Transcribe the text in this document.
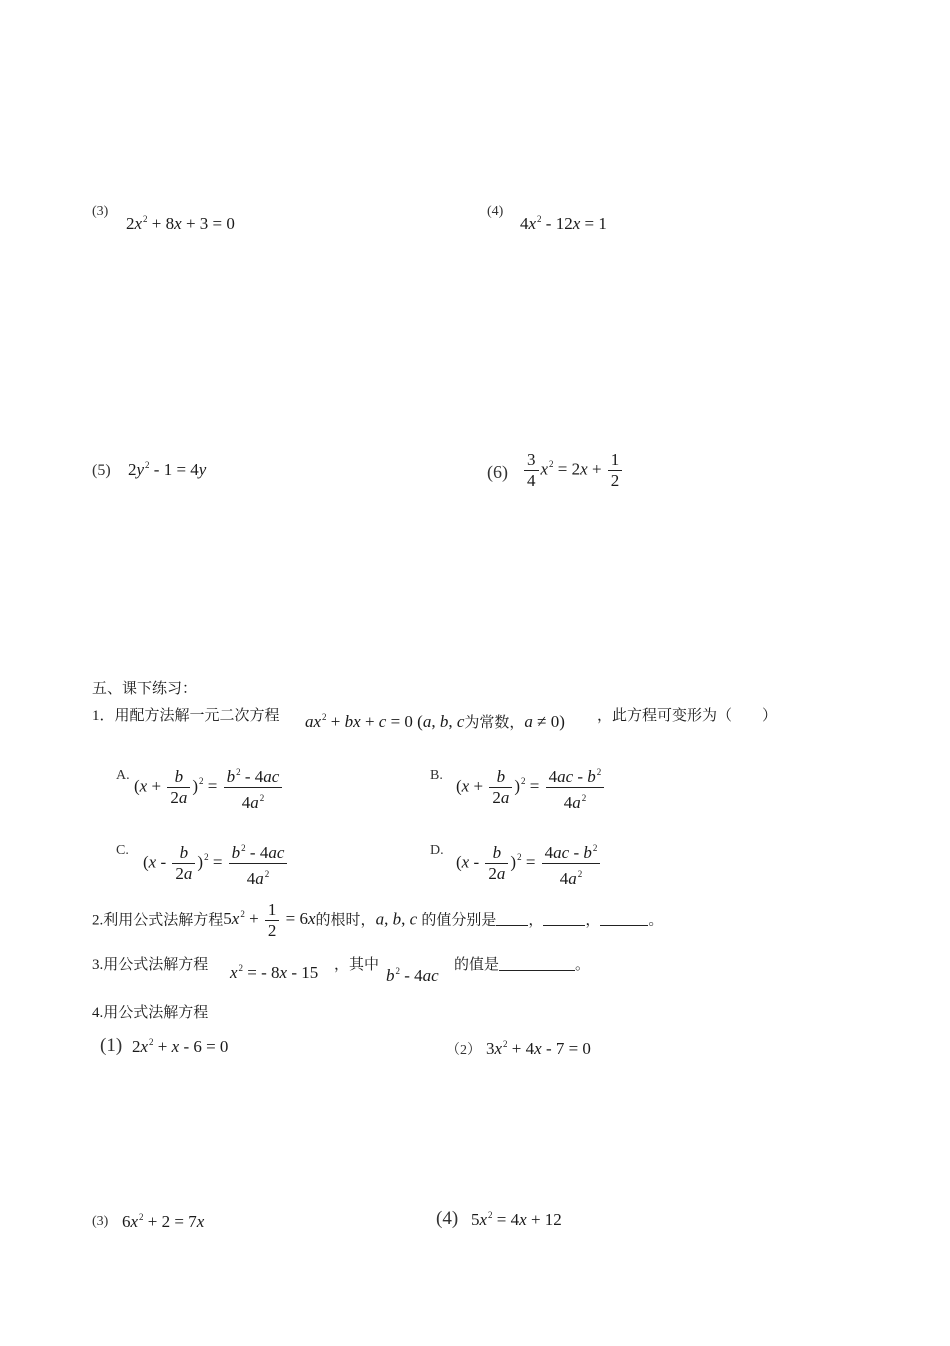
(3)
$2x^2 + 8x + 3 = 0$
(4)
$4x^2 - 12x = 1$
(5) $2y^2 - 1 = 4y$	$(6) \frac{3}{4} x^2 = 2x + \frac{1}{2}$
五、课下练习：
1．用配方法解一元二次方程 $ax^2$ + bx + c = 0 (a, b, c为常数，a ≠ 0) ，此方程可变形为（　　）
A.
$(x + \frac{b}{2a} )^2 = \frac{b^2 - 4ac}{4a^2}$	B.
$(x + \frac{b}{2a} )^2 = \frac{4ac - b^2}{4a^2}$
C.
$(x - \frac{b}{2a} )^2 = \frac{b^2 - 4ac}{4a^2}$	D.
$(x - \frac{b}{2a} )^2 = \frac{4ac - b^2}{4a^2}$
2.利用公式法解方程$5x^2 + \frac{1}{2} = 6x$的根时，a, b, c 的值分别是 ，	，	。
3.用公式法解方程 $x^2$ = - 8x - 15 ，其中
$b^2 - 4ac$
的值是	。
4.用公式法解方程
(1) $2x^2 + x - 6 = 0$	（2） $3x^2 + 4x - 7 = 0$
(3) $6x^2 + 2 = 7x$	(4) $5x^2 = 4x + 12$
